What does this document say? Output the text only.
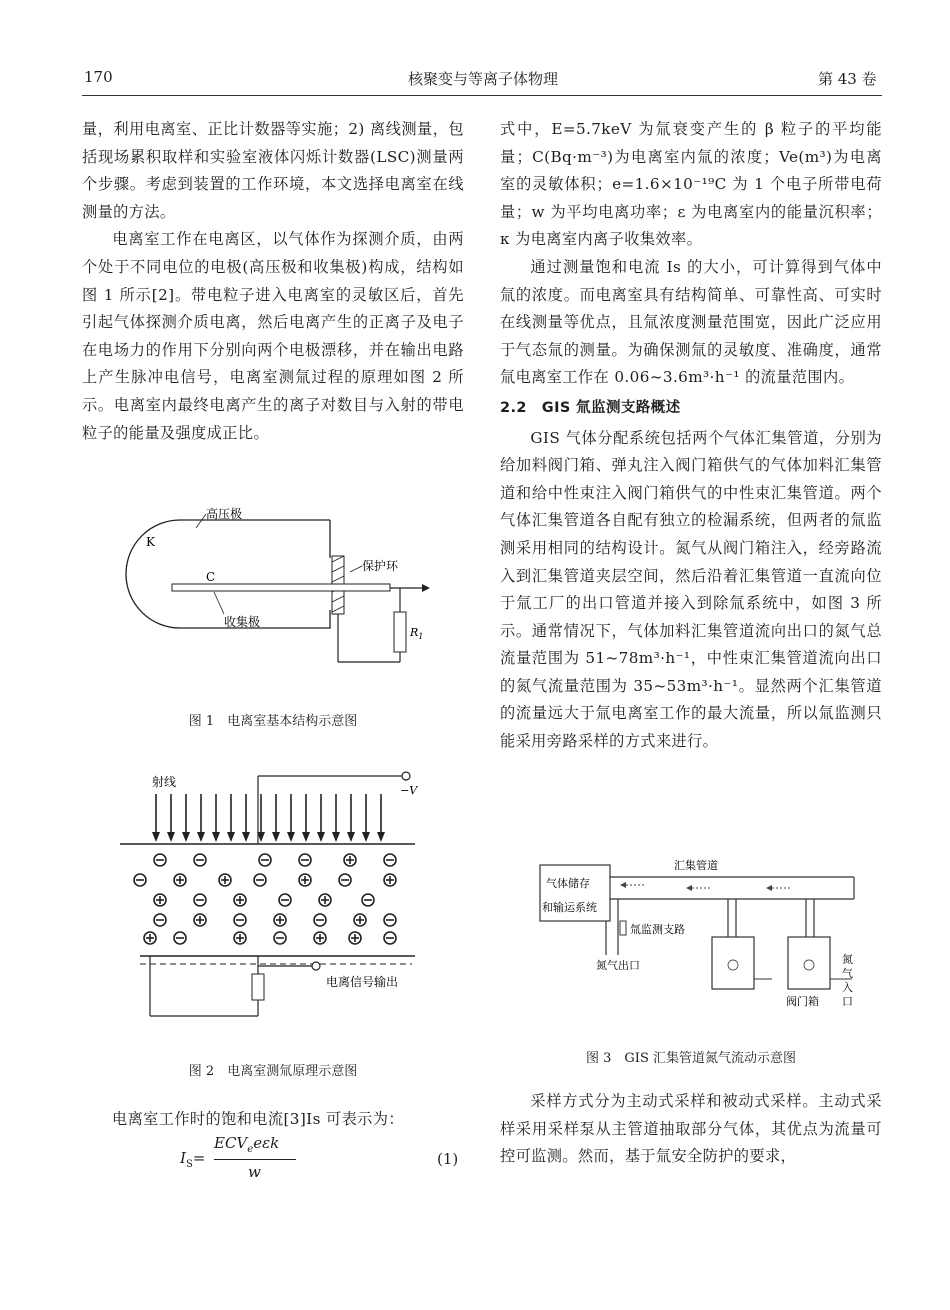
170	核聚变与等离子体物理	第 43 卷

量，利用电离室、正比计数器等实施；2) 离线测量，包括现场累积取样和实验室液体闪烁计数器(LSC)测量两个步骤。考虑到装置的工作环境，本文选择电离室在线测量的方法。

电离室工作在电离区，以气体作为探测介质，由两个处于不同电位的电极(高压极和收集极)构成，结构如图 1 所示[2]。带电粒子进入电离室的灵敏区后，首先引起气体探测介质电离，然后电离产生的正离子及电子在电场力的作用下分别向两个电极漂移，并在输出电路上产生脉冲电信号，电离室测氚过程的原理如图 2 所示。电离室内最终电离产生的离子对数目与入射的带电粒子的能量及强度成正比。

高压极
K
C
保护环
收集极
$R_1$
图 1　电离室基本结构示意图
射线
−V
电离信号输出
图 2　电离室测氚原理示意图

电离室工作时的饱和电流[3]Is 可表示为：

$I_S=$
$ECV_ee\varepsilon k$
w
(1)

式中，E=5.7keV 为氚衰变产生的 β 粒子的平均能量；C(Bq·m⁻³)为电离室内氚的浓度；Ve(m³)为电离室的灵敏体积；e=1.6×10⁻¹⁹C 为 1 个电子所带电荷量；w 为平均电离功率；ε 为电离室内的能量沉积率；κ 为电离室内离子收集效率。

通过测量饱和电流 Is 的大小，可计算得到气体中氚的浓度。而电离室具有结构简单、可靠性高、可实时在线测量等优点，且氚浓度测量范围宽，因此广泛应用于气态氚的测量。为确保测氚的灵敏度、准确度，通常氚电离室工作在 0.06~3.6m³·h⁻¹ 的流量范围内。

2.2　GIS 氚监测支路概述

GIS 气体分配系统包括两个气体汇集管道，分别为给加料阀门箱、弹丸注入阀门箱供气的气体加料汇集管道和给中性束注入阀门箱供气的中性束汇集管道。两个气体汇集管道各自配有独立的检漏系统，但两者的氚监测采用相同的结构设计。氮气从阀门箱注入，经旁路流入到汇集管道夹层空间，然后沿着汇集管道一直流向位于氚工厂的出口管道并接入到除氚系统中，如图 3 所示。通常情况下，气体加料汇集管道流向出口的氮气总流量范围为 51~78m³·h⁻¹，中性束汇集管道流向出口的氮气流量范围为 35~53m³·h⁻¹。显然两个汇集管道的流量远大于氚电离室工作的最大流量，所以氚监测只能采用旁路采样的方式来进行。

汇集管道
气体储存
和输运系统
氚监测支路
氮气出口
阀门箱
氮
气
入
口
图 3　GIS 汇集管道氮气流动示意图

采样方式分为主动式采样和被动式采样。主动式采样采用采样泵从主管道抽取部分气体，其优点为流量可控可监测。然而，基于氚安全防护的要求，
